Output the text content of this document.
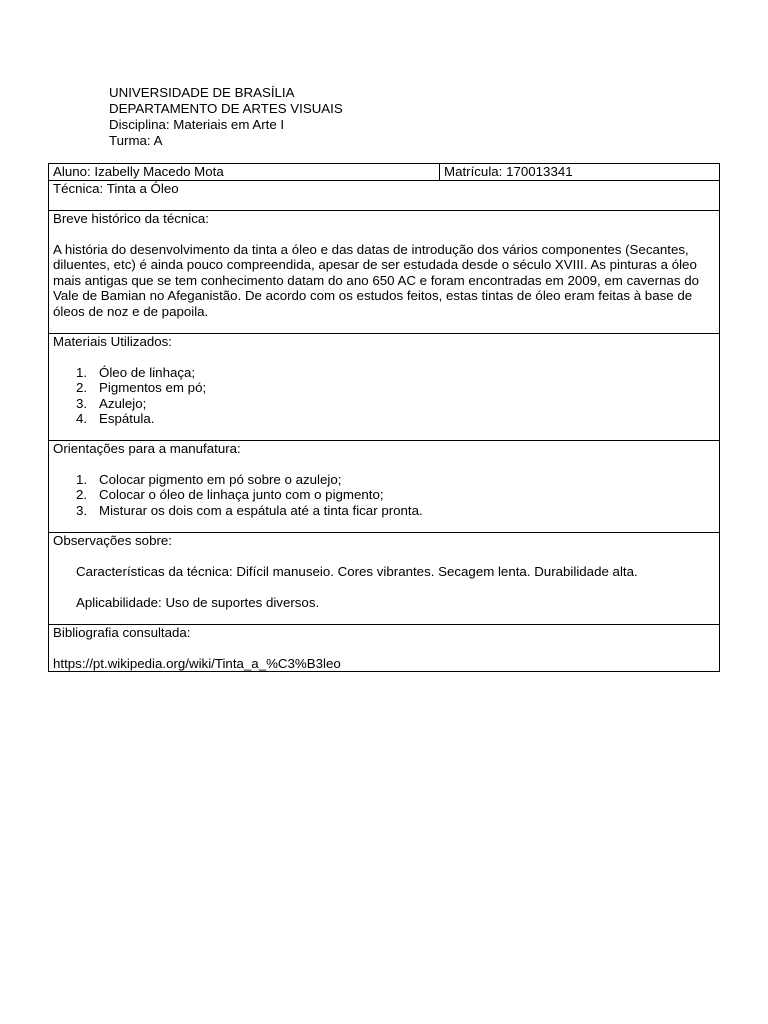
UNIVERSIDADE DE BRASÍLIA
DEPARTAMENTO DE ARTES VISUAIS
Disciplina: Materiais em Arte I
Turma: A
Aluno: Izabelly Macedo Mota	Matrícula: 170013341
Técnica: Tinta a Óleo

Breve histórico da técnica:

A história do desenvolvimento da tinta a óleo e das datas de introdução dos vários componentes (Secantes, diluentes, etc) é ainda pouco compreendida, apesar de ser estudada desde o século XVIII. As pinturas a óleo mais antigas que se tem conhecimento datam do ano 650 AC e foram encontradas em 2009, em cavernas do Vale de Bamian no Afeganistão. De acordo com os estudos feitos, estas tintas de óleo eram feitas à base de óleos de noz e de papoila.

Materiais Utilizados:
1. Óleo de linhaça;
2. Pigmentos em pó;
3. Azulejo;
4. Espátula.

Orientações para a manufatura:
1. Colocar pigmento em pó sobre o azulejo;
2. Colocar o óleo de linhaça junto com o pigmento;
3. Misturar os dois com a espátula até a tinta ficar pronta.

Observações sobre:
Características da técnica: Difícil manuseio. Cores vibrantes. Secagem lenta. Durabilidade alta.
Aplicabilidade: Uso de suportes diversos.

Bibliografia consultada:
https://pt.wikipedia.org/wiki/Tinta_a_%C3%B3leo
